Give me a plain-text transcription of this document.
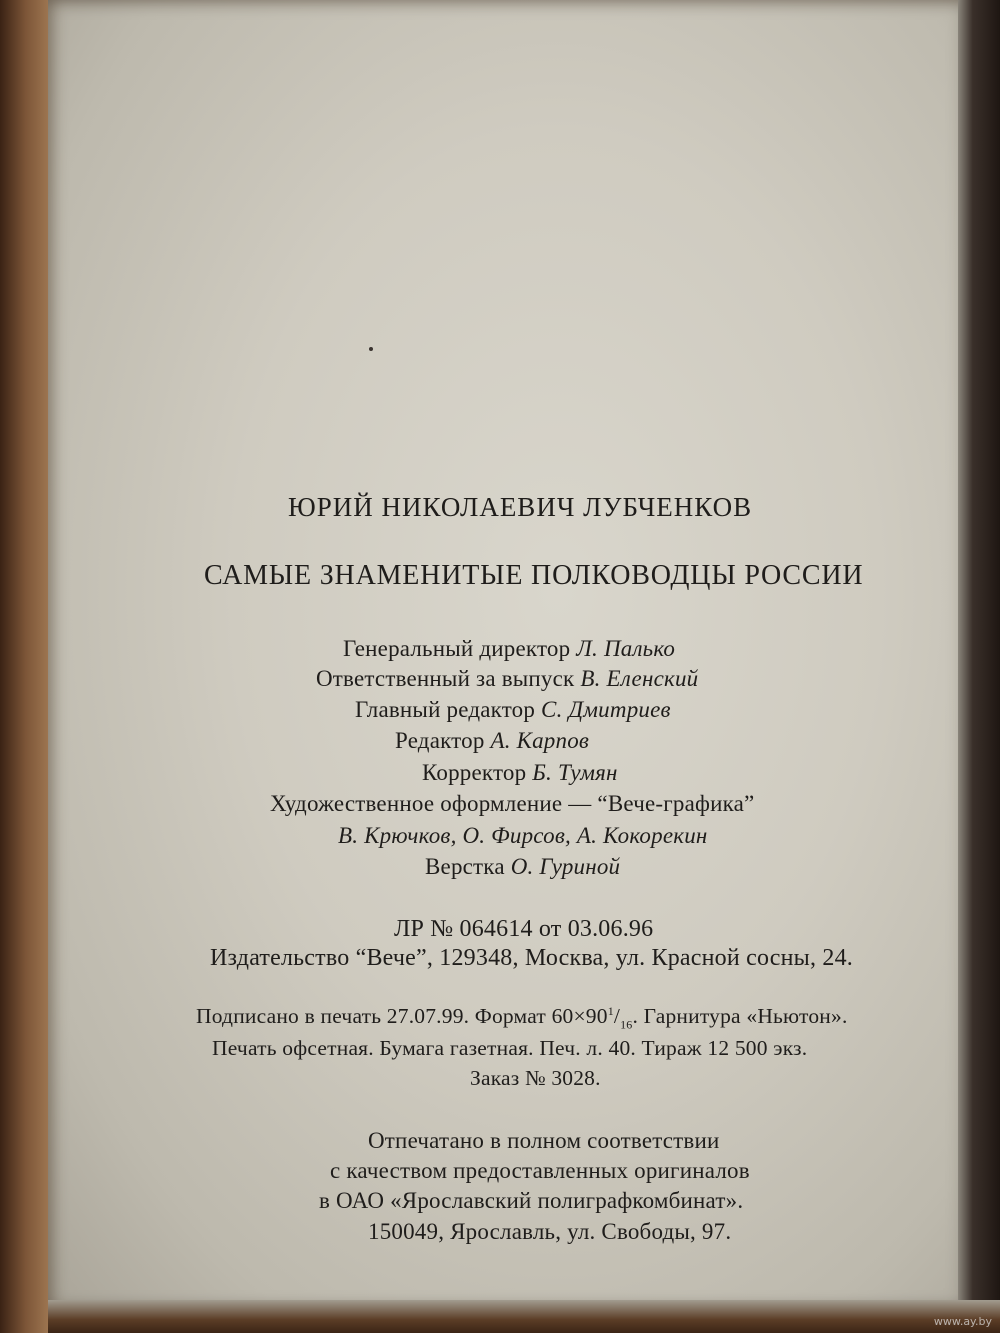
ЮРИЙ НИКОЛАЕВИЧ ЛУБЧЕНКОВ
САМЫЕ ЗНАМЕНИТЫЕ ПОЛКОВОДЦЫ РОССИИ
Генеральный директор Л. Палько
Ответственный за выпуск В. Еленский
Главный редактор С. Дмитриев
Редактор А. Карпов
Корректор Б. Тумян
Художественное оформление — “Вече-графика”
В. Крючков, О. Фирсов, А. Кокорекин
Верстка О. Гуриной
ЛР № 064614 от 03.06.96
Издательство “Вече”, 129348, Москва, ул. Красной сосны, 24.
Подписано в печать 27.07.99. Формат $60\times 90^1/_{16}$. Гарнитура «Ньютон».
Печать офсетная. Бумага газетная. Печ. л. 40. Тираж 12 500 экз.
Заказ № 3028.
Отпечатано в полном соответствии
с качеством предоставленных оригиналов
в ОАО «Ярославский полиграфкомбинат».
150049, Ярославль, ул. Свободы, 97.
www.ay.by
